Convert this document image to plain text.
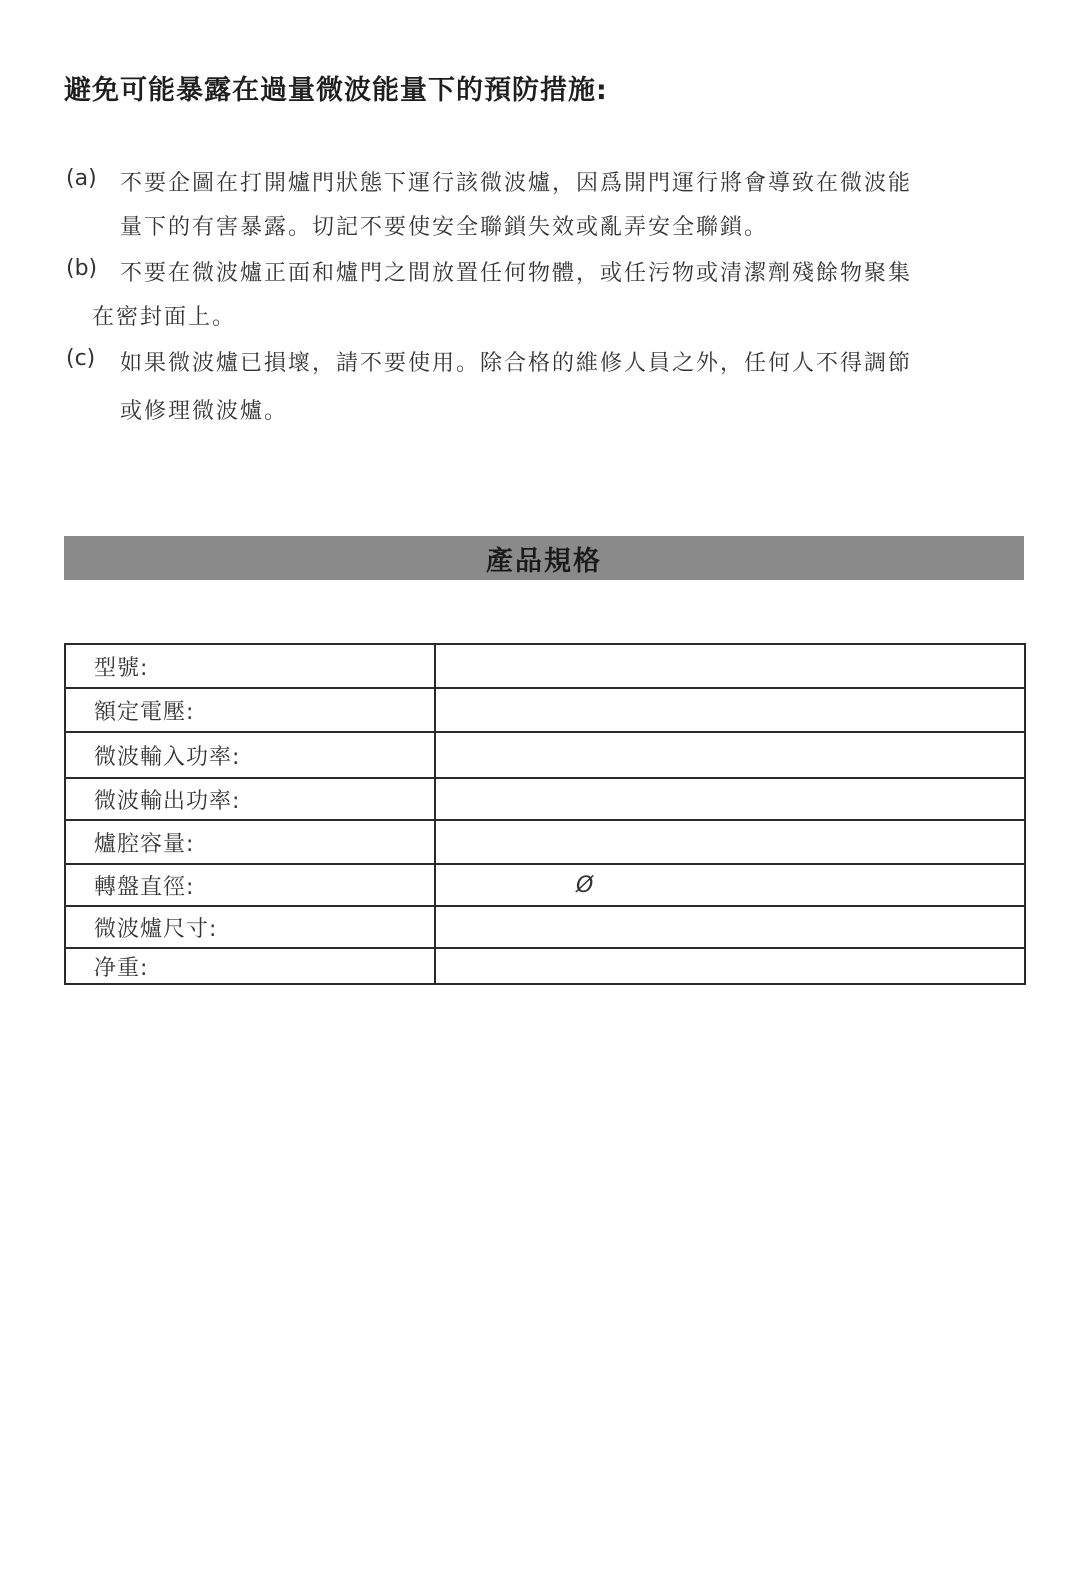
避免可能暴露在過量微波能量下的預防措施:
(a) 不要企圖在打開爐門狀態下運行該微波爐，因爲開門運行將會導致在微波能
量下的有害暴露。切記不要使安全聯鎖失效或亂弄安全聯鎖。
(b) 不要在微波爐正面和爐門之間放置任何物體，或任污物或清潔劑殘餘物聚集
在密封面上。
(c) 如果微波爐已損壞，請不要使用。除合格的維修人員之外，任何人不得調節
或修理微波爐。
產品規格
型號:	
額定電壓:	
微波輸入功率:	
微波輸出功率:	
爐腔容量:	
轉盤直徑:	Ø
微波爐尺寸:	
净重:	
